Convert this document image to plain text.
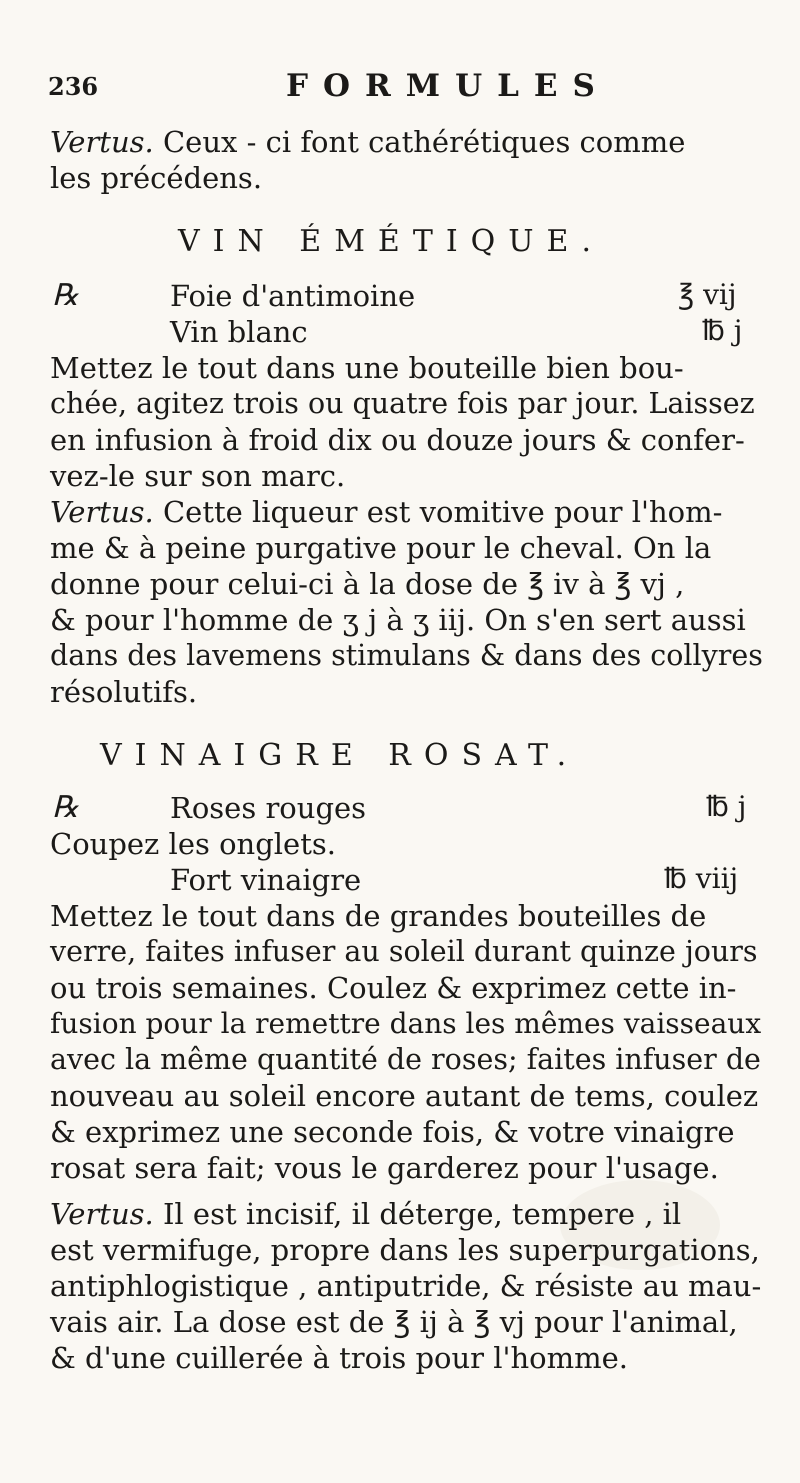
236	FORMULES
Vertus. Ceux - ci font cathérétiques comme
les précédens.
VIN ÉMÉTIQUE.
℞	Foie d'antimoine	℥ vij
Vin blanc	℔ j
Mettez le tout dans une bouteille bien bou-
chée, agitez trois ou quatre fois par jour. Laissez
en infusion à froid dix ou douze jours & confer-
vez-le sur son marc.
Vertus. Cette liqueur est vomitive pour l'hom-
me & à peine purgative pour le cheval. On la
donne pour celui-ci à la dose de ℥ iv à ℥ vj ,
& pour l'homme de ʒ j à ʒ iij. On s'en sert aussi
dans des lavemens stimulans & dans des collyres
résolutifs.
VINAIGRE ROSAT.
℞	Roses rouges	℔ j
Coupez les onglets.
Fort vinaigre	℔ viij
Mettez le tout dans de grandes bouteilles de
verre, faites infuser au soleil durant quinze jours
ou trois semaines. Coulez & exprimez cette in-
fusion pour la remettre dans les mêmes vaisseaux
avec la même quantité de roses; faites infuser de
nouveau au soleil encore autant de tems, coulez
& exprimez une seconde fois, & votre vinaigre
rosat sera fait; vous le garderez pour l'usage.
Vertus. Il est incisif, il déterge, tempere , il
est vermifuge, propre dans les superpurgations,
antiphlogistique , antiputride, & résiste au mau-
vais air. La dose est de ℥ ij à ℥ vj pour l'animal,
& d'une cuillerée à trois pour l'homme.
